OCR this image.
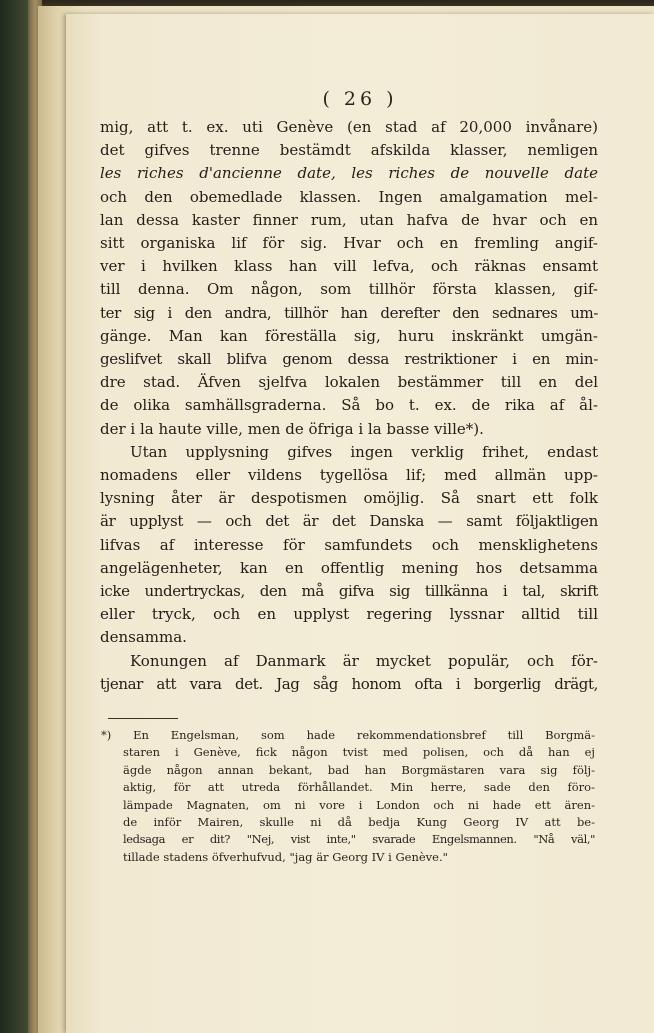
( 26 )
mig, att t. ex. uti Genève (en stad af 20,000 invånare)
det gifves trenne bestämdt afskilda klasser, nemligen
les riches d'ancienne date, les riches de nouvelle date
och den obemedlade klassen. Ingen amalgamation mel-
lan dessa kaster finner rum, utan hafva de hvar och en
sitt organiska lif för sig. Hvar och en fremling angif-
ver i hvilken klass han vill lefva, och räknas ensamt
till denna. Om någon, som tillhör första klassen, gif-
ter sig i den andra, tillhör han derefter den sednares um-
gänge. Man kan föreställa sig, huru inskränkt umgän-
geslifvet skall blifva genom dessa restriktioner i en min-
dre stad. Äfven sjelfva lokalen bestämmer till en del
de olika samhällsgraderna. Så bo t. ex. de rika af ål-
der i la haute ville, men de öfriga i la basse ville*).
Utan upplysning gifves ingen verklig frihet, endast
nomadens eller vildens tygellösa lif; med allmän upp-
lysning åter är despotismen omöjlig. Så snart ett folk
är upplyst — och det är det Danska — samt följaktligen
lifvas af interesse för samfundets och mensklighetens
angelägenheter, kan en offentlig mening hos detsamma
icke undertryckas, den må gifva sig tillkänna i tal, skrift
eller tryck, och en upplyst regering lyssnar alltid till
densamma.
Konungen af Danmark är mycket populär, och för-
tjenar att vara det. Jag såg honom ofta i borgerlig drägt,
*) En Engelsman, som hade rekommendationsbref till Borgmä-
staren i Genève, fick någon tvist med polisen, och då han ej
ägde någon annan bekant, bad han Borgmästaren vara sig följ-
aktig, för att utreda förhållandet. Min herre, sade den föro-
lämpade Magnaten, om ni vore i London och ni hade ett ären-
de inför Mairen, skulle ni då bedja Kung Georg IV att be-
ledsaga er dit? "Nej, vist inte," svarade Engelsmannen. "Nå väl,"
tillade stadens öfverhufvud, "jag är Georg IV i Genève."
